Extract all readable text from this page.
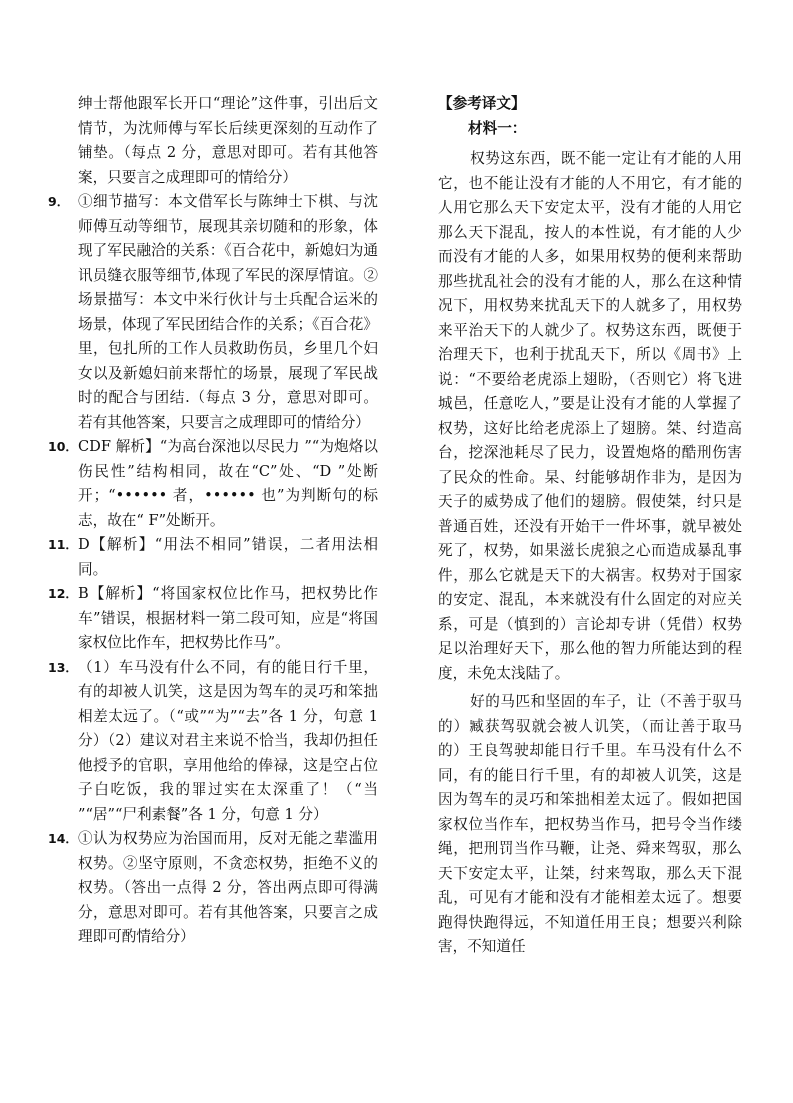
绅士帮他跟军长开口“理论”这件事，引出后文情节，为沈师傅与军长后续更深刻的互动作了铺垫。（每点 2 分，意思对即可。若有其他答案，只要言之成理即可的情给分）
9． ①细节描写：本文借军长与陈绅士下棋、与沈师傅互动等细节，展现其亲切随和的形象，体现了军民融洽的关系：《百合花中，新媳妇为通讯员缝衣服等细节,体现了军民的深厚情谊。②场景描写：本文中米行伙计与士兵配合运米的场景，体现了军民团结合作的关系；《百合花》里，包扎所的工作人员救助伤员，乡里几个妇女以及新媳妇前来帮忙的场景，展现了军民战时的配合与团结.（每点 3 分，意思对即可。若有其他答案，只要言之成理即可的情给分）
10． CDF 解析】“为高台深池以尽民力 ”“为炮烙以伤民性”结构相同，故在“C”处、“D ”处断开；“•••••• 者，•••••• 也”为判断句的标志，故在“ F”处断开。
11． D【解析】“用法不相同”错误，二者用法相同。
12． B【解析】“将国家权位比作马，把权势比作车”错误，根据材料一第二段可知，应是“将国家权位比作车，把权势比作马”。
13． （1）车马没有什么不同，有的能日行千里，有的却被人讥笑，这是因为驾车的灵巧和笨拙相差太远了。（“或”“为”“去”各 1 分，句意 1 分）（2）建议对君主来说不恰当，我却仍担任他授予的官职，享用他给的俸禄，这是空占位子白吃饭，我的罪过实在太深重了！（“当 ”“居”“尸利素餐”各 1 分，句意 1 分）
14． ①认为权势应为治国而用，反对无能之辈滥用权势。②坚守原则，不贪恋权势，拒绝不义的权势。（答出一点得 2 分，答出两点即可得满分，意思对即可。若有其他答案，只要言之成理即可酌情给分）
【参考译文】
材料一：
权势这东西，既不能一定让有才能的人用它，也不能让没有才能的人不用它，有才能的人用它那么天下安定太平，没有才能的人用它那么天下混乱，按人的本性说，有才能的人少而没有才能的人多，如果用权势的便利来帮助那些扰乱社会的没有才能的人，那么在这种情况下，用权势来扰乱天下的人就多了，用权势来平治天下的人就少了。权势这东西，既便于治理天下，也利于扰乱天下，所以《周书》上说：“不要给老虎添上翅盼，（否则它）将飞进城邑，任意吃人，”要是让没有才能的人掌握了权势，这好比给老虎添上了翅膀。桀、纣造高台，挖深池耗尽了民力，设置炮烙的酷刑伤害了民众的性命。杲、纣能够胡作非为，是因为天子的威势成了他们的翅膀。假使桀，纣只是普通百姓，还没有开始干一件坏事，就早被处死了，权势，如果滋长虎狼之心而造成暴乱事件，那么它就是天下的大祸害。权势对于国家的安定、混乱，本来就没有什么固定的对应关系，可是（慎到的）言论却专讲（凭借）权势足以治理好天下，那么他的智力所能达到的程度，未免太浅陆了。
好的马匹和坚固的车子，让（不善于驭马的）臧获驾驭就会被人讥笑，（而让善于取马的）王良驾驶却能日行千里。车马没有什么不同，有的能日行千里，有的却被人讥笑，这是因为驾车的灵巧和笨拙相差太远了。假如把国家权位当作车，把权势当作马，把号令当作缕绳，把刑罚当作马鞭，让尧、舜来驾驭，那么天下安定太平，让桀，纣来驾取，那么天下混乱，可见有才能和没有才能相差太远了。想要跑得快跑得远，不知道任用王良；想要兴利除害，不知道任
